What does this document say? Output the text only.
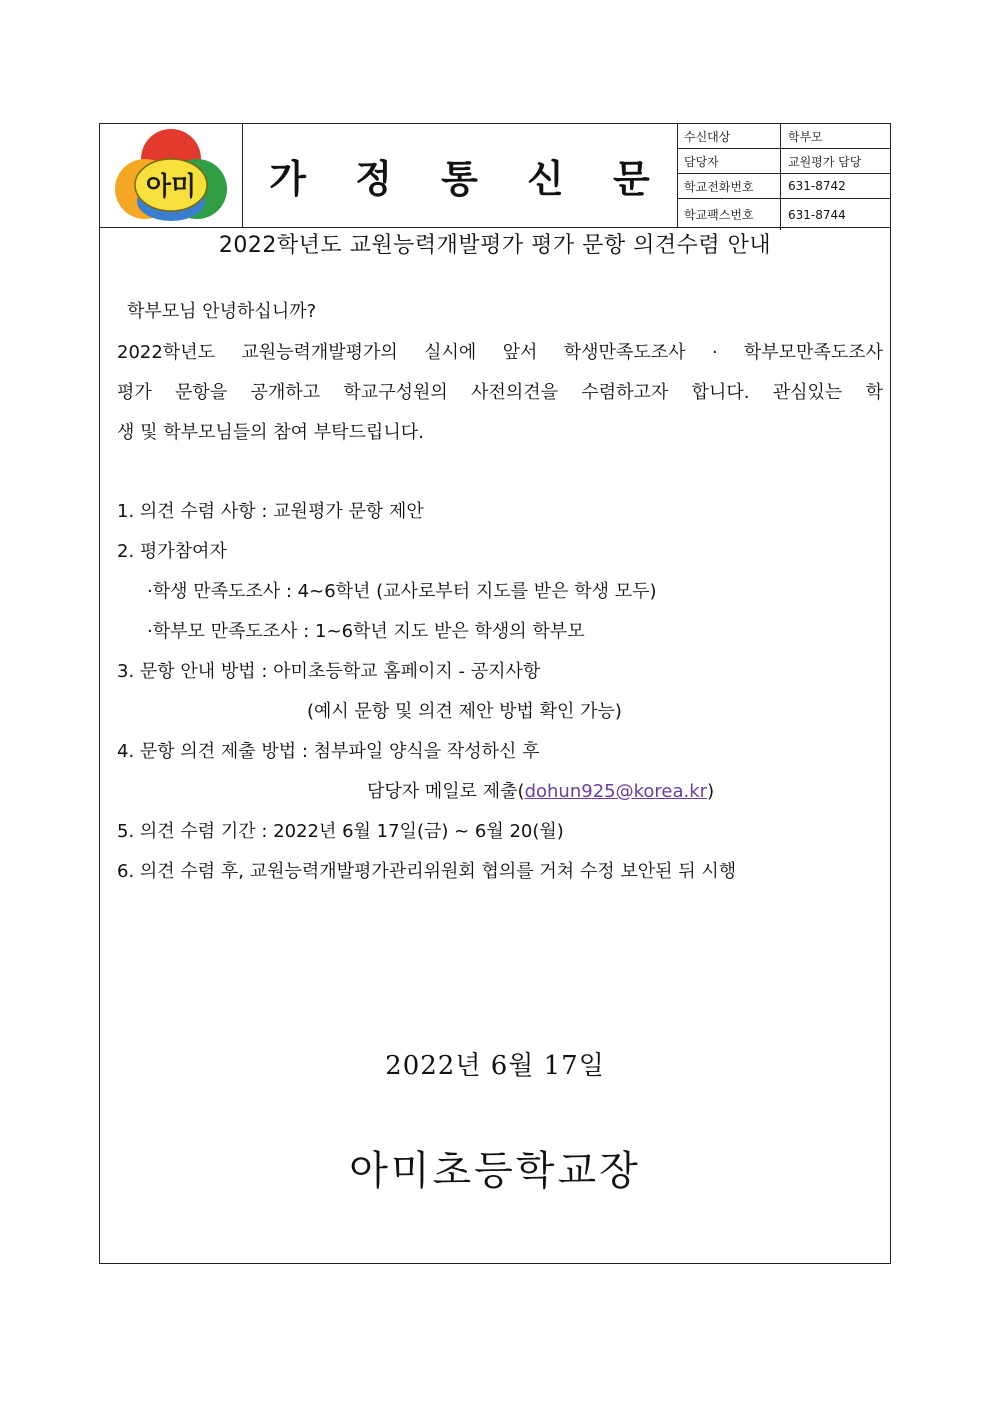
아미	가 정 통 신 문
수신대상	학부모
담당자	교원평가 담당
학교전화번호	631-8742
학교팩스번호	631-8744
2022학년도 교원능력개발평가 평가 문항 의견수렴 안내
학부모님 안녕하십니까?
2022학년도 교원능력개발평가의 실시에 앞서 학생만족도조사 · 학부모만족도조사
평가 문항을 공개하고 학교구성원의 사전의견을 수렴하고자 합니다. 관심있는 학
생 및 학부모님들의 참여 부탁드립니다.
1. 의견 수렴 사항 : 교원평가 문항 제안
2. 평가참여자
·학생 만족도조사 : 4~6학년 (교사로부터 지도를 받은 학생 모두)
·학부모 만족도조사 : 1~6학년 지도 받은 학생의 학부모
3. 문항 안내 방법 : 아미초등학교 홈페이지 - 공지사항
(예시 문항 및 의견 제안 방법 확인 가능)
4. 문항 의견 제출 방법 : 첨부파일 양식을 작성하신 후
담당자 메일로 제출(dohun925@korea.kr)
5. 의견 수렴 기간 : 2022년 6월 17일(금) ~ 6월 20(월)
6. 의견 수렴 후, 교원능력개발평가관리위원회 협의를 거쳐 수정 보안된 뒤 시행
2022년 6월 17일
아미초등학교장
